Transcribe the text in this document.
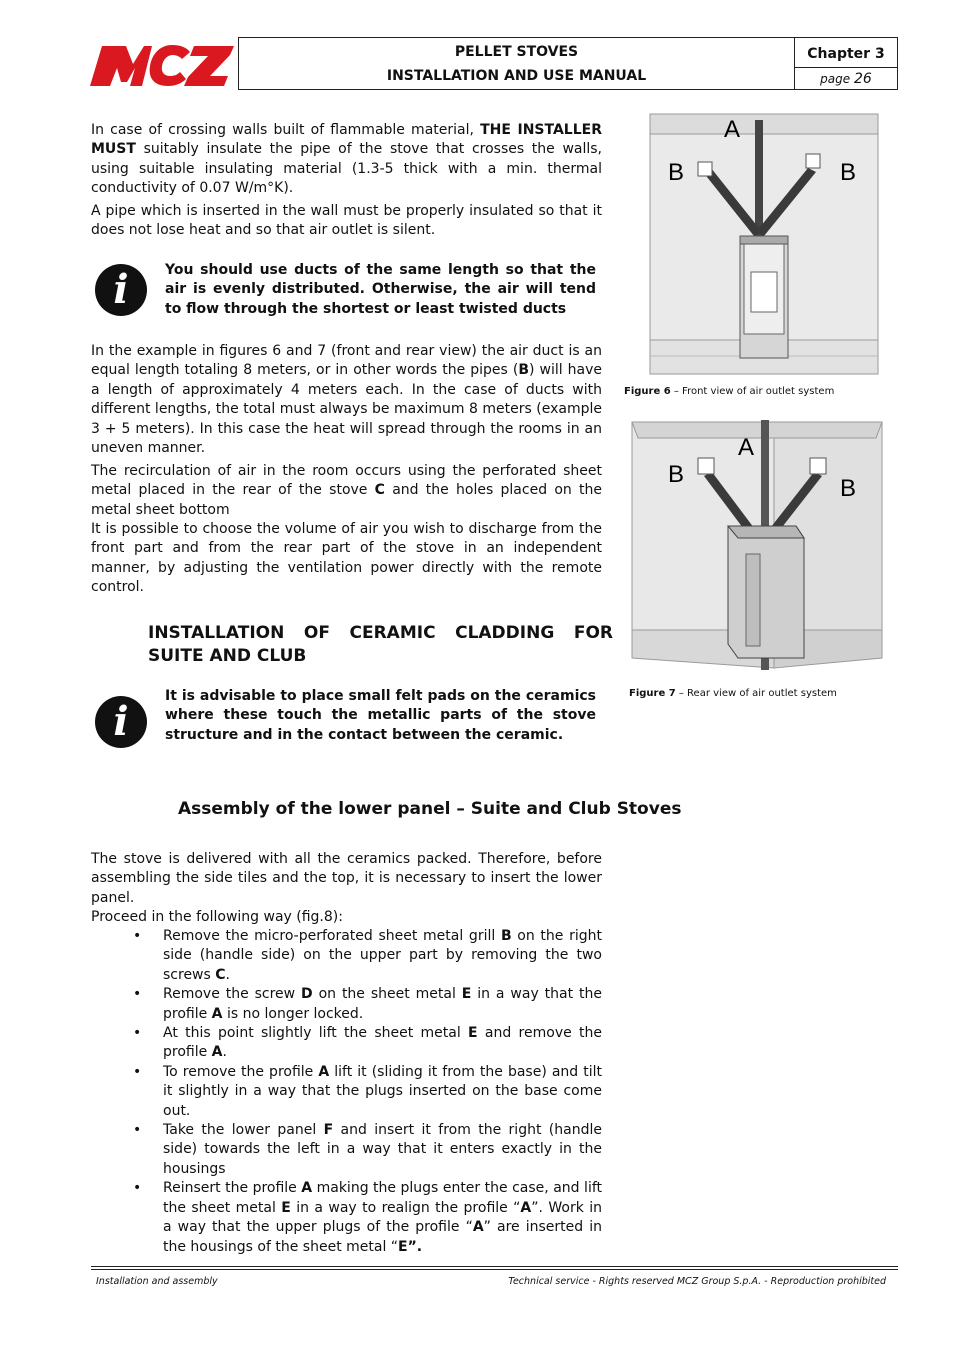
PELLET STOVES
INSTALLATION AND USE MANUAL
Chapter 3
page 26

In case of crossing walls built of flammable material, THE INSTALLER MUST suitably insulate the pipe of the stove that crosses the walls, using suitable insulating material (1.3-5 thick with a min. thermal conductivity of 0.07 W/m°K).

A pipe which is inserted in the wall must be properly insulated so that it does not lose heat and so that air outlet is silent.

i	You should use ducts of the same length so that the air is evenly distributed. Otherwise, the air will tend to flow through the shortest or least twisted ducts

In the example in figures 6 and 7 (front and rear view) the air duct is an equal length totaling 8 meters, or in other words the pipes (B) will have a length of approximately 4 meters each. In the case of ducts with different lengths, the total must always be maximum 8 meters (example 3 + 5 meters). In this case the heat will spread through the rooms in an uneven manner.

The recirculation of air in the room occurs using the perforated sheet metal placed in the rear of the stove C and the holes placed on the metal sheet bottom

It is possible to choose the volume of air you wish to discharge from the front part and from the rear part of the stove in an independent manner, by adjusting the ventilation power directly with the remote control.

INSTALLATION OF CERAMIC CLADDING FOR
SUITE AND CLUB
i

It is advisable to place small felt pads on the ceramics where these touch the metallic parts of the stove structure and in the contact between the ceramic.

Assembly of the lower panel – Suite and Club Stoves

The stove is delivered with all the ceramics packed. Therefore, before assembling the side tiles and the top, it is necessary to insert the lower panel.

Proceed in the following way (fig.8):

• Remove the micro-perforated sheet metal grill B on the right side (handle side) on the upper part by removing the two screws C.
• Remove the screw D on the sheet metal E in a way that the profile A is no longer locked.
• At this point slightly lift the sheet metal E and remove the profile A.
• To remove the profile A lift it (sliding it from the base) and tilt it slightly in a way that the plugs inserted on the base come out.
• Take the lower panel F and insert it from the right (handle side) towards the left in a way that it enters exactly in the housings
• Reinsert the profile A making the plugs enter the case, and lift the sheet metal E in a way to realign the profile “A”. Work in a way that the upper plugs of the profile “A” are inserted in the housings of the sheet metal “E”.
A
B	B
Figure 6 – Front view of air outlet system
A
B
B
Figure 7 – Rear view of air outlet system
Installation and assembly	Technical service - Rights reserved MCZ Group S.p.A. - Reproduction prohibited
